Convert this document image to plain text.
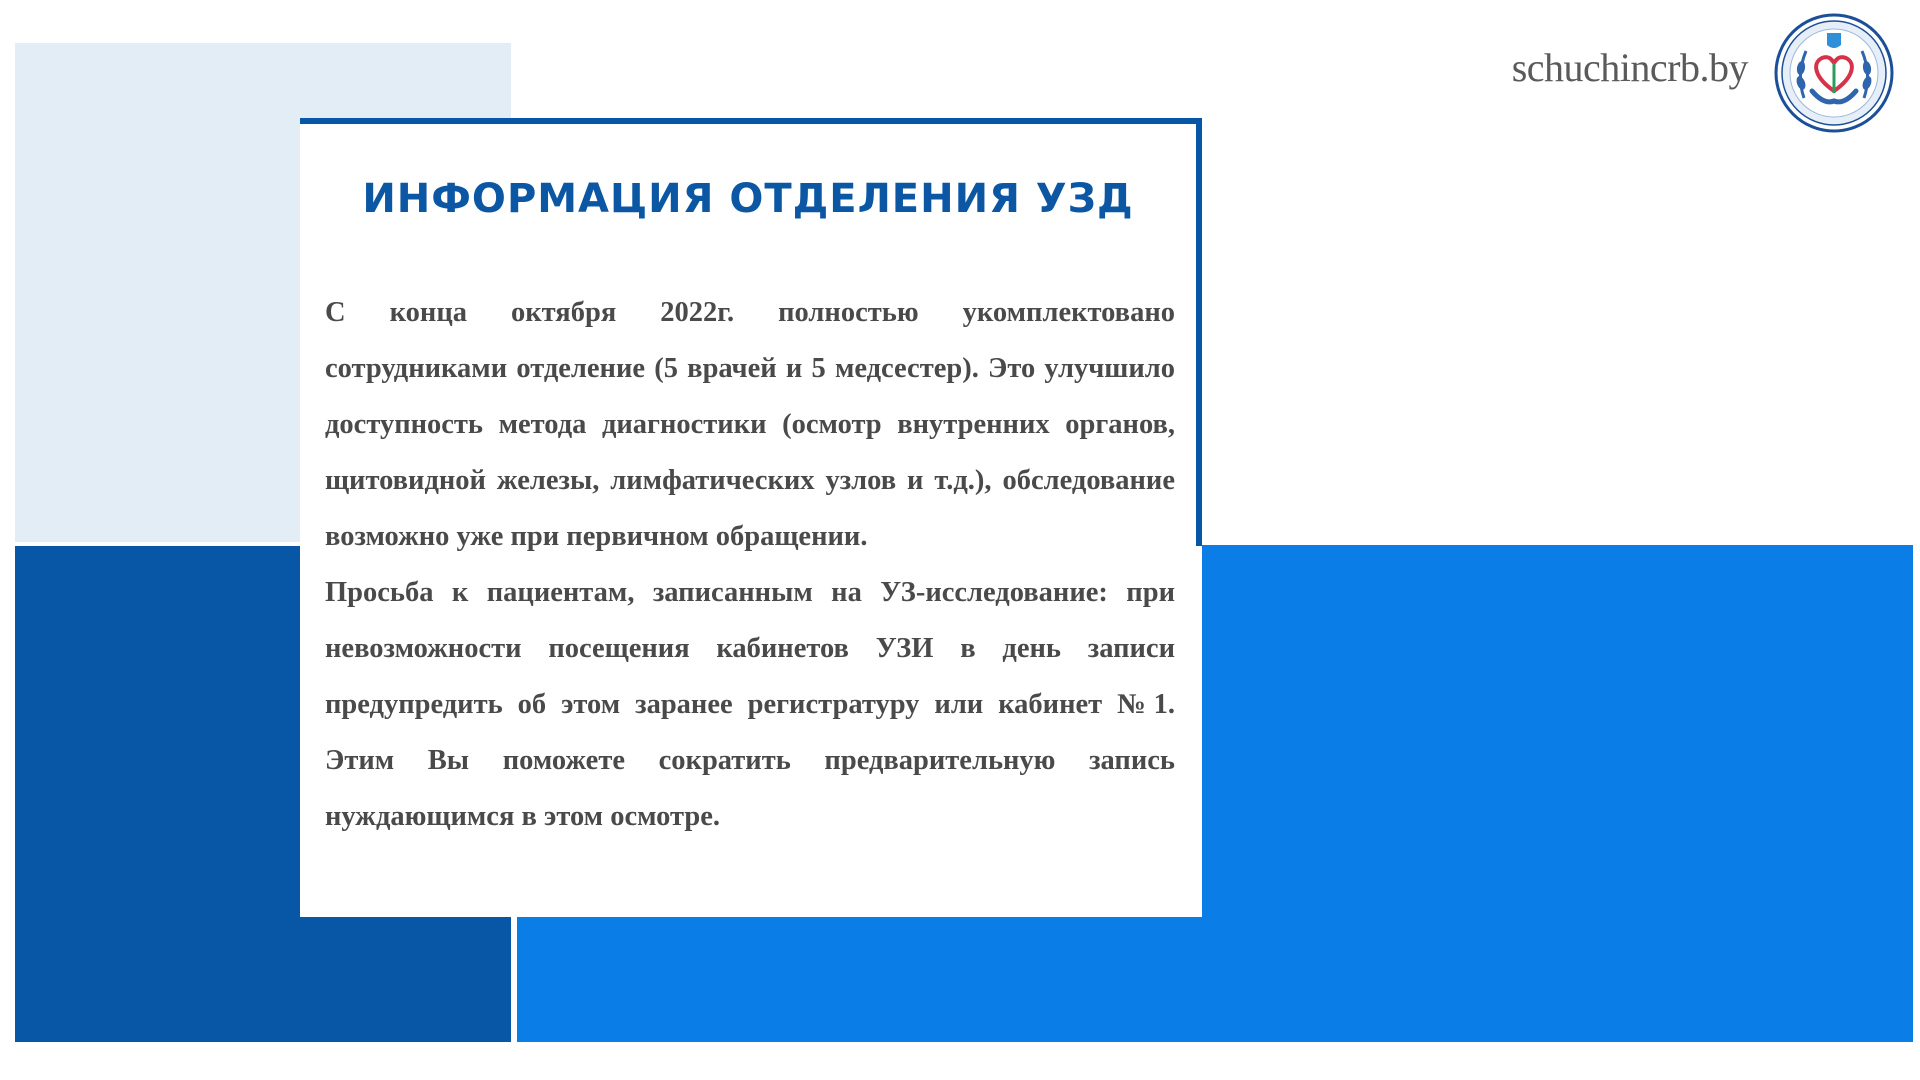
ИНФОРМАЦИЯ ОТДЕЛЕНИЯ УЗД

С конца октября 2022г. полностью укомплектовано сотрудниками отделение (5 врачей и 5 медсестер). Это улучшило доступность метода диагностики (осмотр внутренних органов, щитовидной железы, лимфатических узлов и т.д.), обследование возможно уже при первичном обращении.

Просьба к пациентам, записанным на УЗ-исследование: при невозможности посещения кабинетов УЗИ в день записи предупредить об этом заранее регистратуру или кабинет №1. Этим Вы поможете сократить предварительную запись нуждающимся в этом осмотре.

schuchincrb.by
